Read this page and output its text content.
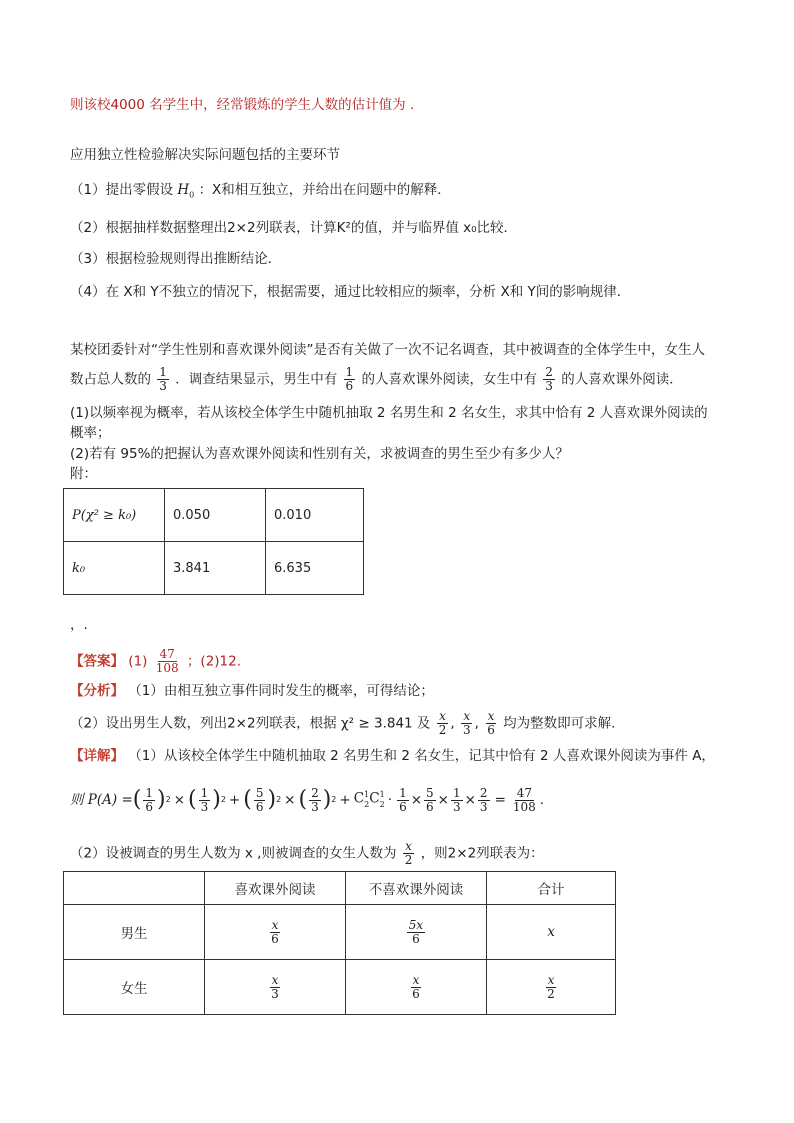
则该校4000 名学生中，经常锻炼的学生人数的估计值为 .
应用独立性检验解决实际问题包括的主要环节
（1）提出零假设 $H_0$ ：X和相互独立，并给出在问题中的解释．
（2）根据抽样数据整理出2×2列联表，计算K²的值，并与临界值 x₀比较．
（3）根据检验规则得出推断结论．
（4）在 X和 Y不独立的情况下，根据需要，通过比较相应的频率，分析 X和 Y间的影响规律．
某校团委针对“学生性别和喜欢课外阅读”是否有关做了一次不记名调查，其中被调查的全体学生中，女生人
数占总人数的 $\frac{1}{3}$ ．调查结果显示，男生中有 $\frac{1}{6}$ 的人喜欢课外阅读，女生中有 $\frac{2}{3}$ 的人喜欢课外阅读．
(1)以频率视为概率，若从该校全体学生中随机抽取 2 名男生和 2 名女生，求其中恰有 2 人喜欢课外阅读的
概率；
(2)若有 95%的把握认为喜欢课外阅读和性别有关，求被调查的男生至少有多少人？
附：
P(χ² ≥ k₀)	0.050	0.010
k₀	3.841	6.635
，.
【答案】 $(1) \frac{47}{108}$ ；(2)12.
【分析】 （1）由相互独立事件同时发生的概率，可得结论；
（2）设出男生人数，列出2×2列联表，根据 χ² ≥ 3.841 及 $\frac{x}{2}$ , $\frac{x}{3}$ , $\frac{x}{6}$ 均为整数即可求解.
【详解】 （1）从该校全体学生中随机抽取 2 名男生和 2 名女生，记其中恰有 2 人喜欢课外阅读为事件 A，
则 P(A) = ( $\frac{1}{6}$ ) 2 × ( $\frac{1}{3}$ ) 2 + ( $\frac{5}{6}$ ) 2 × ( $\frac{2}{3}$ ) $2 + C^1_2C^1_2 \cdot \frac{1}{6} \times \frac{5}{6} \times \frac{1}{3} \times \frac{2}{3} = \frac{47}{108}$ .
（2）设被调查的男生人数为 x ,则被调查的女生人数为 $\frac{x}{2}$ ，则2×2列联表为：
	喜欢课外阅读	不喜欢课外阅读	合计
男生	$\frac{x}{6}$	$\frac{5x}{6}$	x
女生	$\frac{x}{3}$	$\frac{x}{6}$	$\frac{x}{2}$
